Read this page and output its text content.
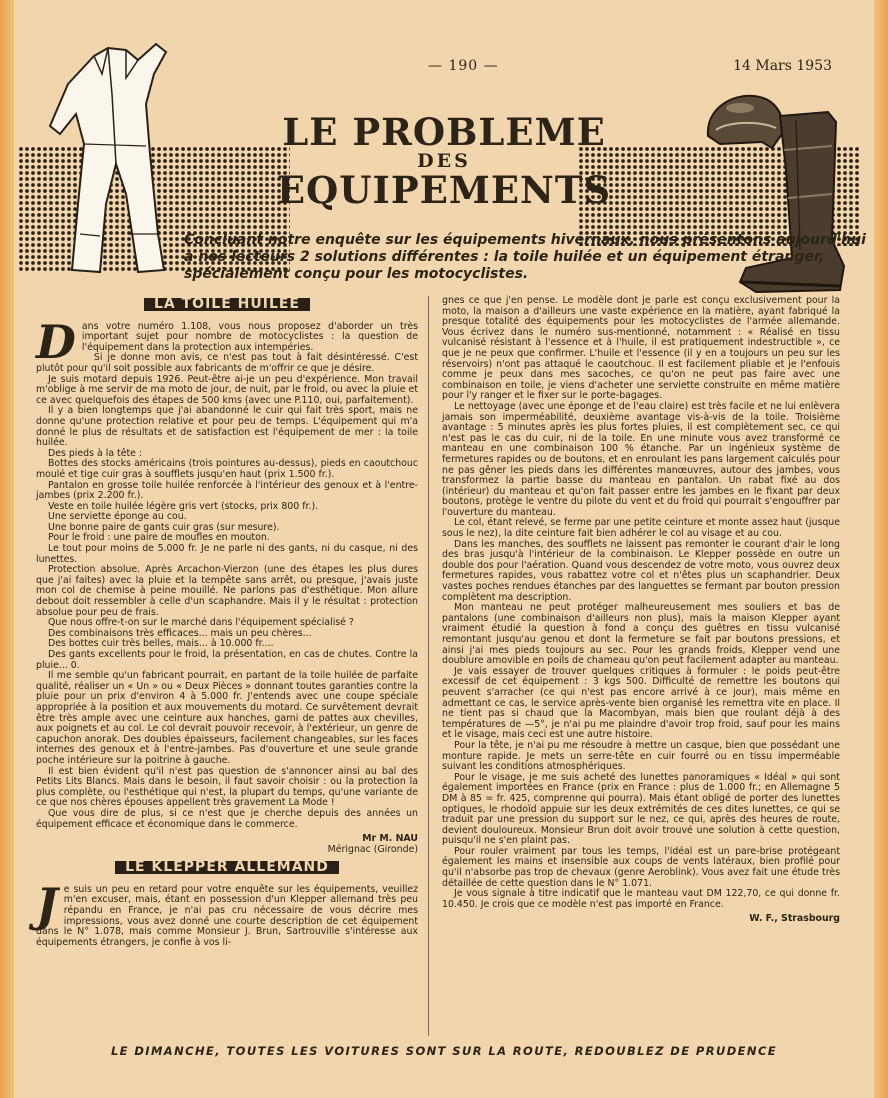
— 190 —	14 Mars 1953
LE PROBLEME
DES
EQUIPEMENTS
Concluant notre enquête sur les équipements hivernaux, nous présentons aujourd'hui à nos lecteurs 2 solutions différentes : la toile huilée et un équipement étranger, spécialement conçu pour les motocyclistes.
LA TOILE HUILEE

Dans votre numéro 1.108, vous nous proposez d'aborder un très important sujet pour nombre de motocyclistes : la question de l'équipement dans la protection aux intempéries.

Si je donne mon avis, ce n'est pas tout à fait désintéressé. C'est plutôt pour qu'il soit possible aux fabricants de m'offrir ce que je désire.

Je suis motard depuis 1926. Peut-être ai-je un peu d'expérience. Mon travail m'oblige à me servir de ma moto de jour, de nuit, par le froid, ou avec la pluie et ce avec quelquefois des étapes de 500 kms (avec une P.110, oui, parfaitement).

Il y a bien longtemps que j'ai abandonné le cuir qui fait très sport, mais ne donne qu'une protection relative et pour peu de temps. L'équipement qui m'a donné le plus de résultats et de satisfaction est l'équipement de mer : la toile huilée.

Des pieds à la tête :

Bottes des stocks américains (trois pointures au-dessus), pieds en caoutchouc moulé et tige cuir gras à soufflets jusqu'en haut (prix 1.500 fr.).

Pantalon en grosse toile huilée renforcée à l'intérieur des genoux et à l'entre-jambes (prix 2.200 fr.).

Veste en toile huilée légère gris vert (stocks, prix 800 fr.).

Une serviette éponge au cou.

Une bonne paire de gants cuir gras (sur mesure).

Pour le froid : une paire de moufles en mouton.

Le tout pour moins de 5.000 fr. Je ne parle ni des gants, ni du casque, ni des lunettes.

Protection absolue. Après Arcachon-Vierzon (une des étapes les plus dures que j'ai faites) avec la pluie et la tempête sans arrêt, ou presque, j'avais juste mon col de chemise à peine mouillé. Ne parlons pas d'esthétique. Mon allure debout doit ressembler à celle d'un scaphandre. Mais il y le résultat : protection absolue pour peu de frais.

Que nous offre-t-on sur le marché dans l'équipement spécialisé ?

Des combinaisons très efficaces... mais un peu chères...

Des bottes cuir très belles, mais... à 10.000 fr....

Des gants excellents pour le froid, la présentation, en cas de chutes. Contre la pluie... 0.

Il me semble qu'un fabricant pourrait, en partant de la toile huilée de parfaite qualité, réaliser un « Un » ou « Deux Pièces » donnant toutes garanties contre la pluie pour un prix d'environ 4 à 5.000 fr. J'entends avec une coupe spéciale appropriée à la position et aux mouvements du motard. Ce survêtement devrait être très ample avec une ceinture aux hanches, garni de pattes aux chevilles, aux poignets et au col. Le col devrait pouvoir recevoir, à l'extérieur, un genre de capuchon anorak. Des doubles épaisseurs, facilement changeables, sur les faces internes des genoux et à l'entre-jambes. Pas d'ouverture et une seule grande poche intérieure sur la poitrine à gauche.

Il est bien évident qu'il n'est pas question de s'annoncer ainsi au bal des Petits Lits Blancs. Mais dans le besoin, il faut savoir choisir : ou la protection la plus complète, ou l'esthétique qui n'est, la plupart du temps, qu'une variante de ce que nos chères épouses appellent très gravement La Mode !

Que vous dire de plus, si ce n'est que je cherche depuis des années un équipement efficace et économique dans le commerce.

Mr M. NAU
Mérignac (Gironde)
LE KLEPPER ALLEMAND

Je suis un peu en retard pour votre enquête sur les équipements, veuillez m'en excuser, mais, étant en possession d'un Klepper allemand très peu répandu en France, je n'ai pas cru nécessaire de vous décrire mes impressions, vous avez donné une courte description de cet équipement dans le N° 1.078, mais comme Monsieur J. Brun, Sartrouville s'intéresse aux équipements étrangers, je confie à vos li-

gnes ce que j'en pense. Le modèle dont je parle est conçu exclusivement pour la moto, la maison a d'ailleurs une vaste expérience en la matière, ayant fabriqué la presque totalité des équipements pour les motocyclistes de l'armée allemande. Vous écrivez dans le numéro sus-mentionné, notamment : « Réalisé en tissu vulcanisé résistant à l'essence et à l'huile, il est pratiquement indestructible », ce que je ne peux que confirmer. L'huile et l'essence (il y en a toujours un peu sur les réservoirs) n'ont pas attaqué le caoutchouc. Il est facilement pliable et je l'enfouis comme je peux dans mes sacoches, ce qu'on ne peut pas faire avec une combinaison en toile, je viens d'acheter une serviette construite en même matière pour l'y ranger et le fixer sur le porte-bagages.

Le nettoyage (avec une éponge et de l'eau claire) est très facile et ne lui enlèvera jamais son imperméabilité, deuxième avantage vis-à-vis de la toile. Troisième avantage : 5 minutes après les plus fortes pluies, il est complètement sec, ce qui n'est pas le cas du cuir, ni de la toile. En une minute vous avez transformé ce manteau en une combinaison 100 % étanche. Par un ingénieux système de fermetures rapides ou de boutons, et en enroulant les pans largement calculés pour ne pas gêner les pieds dans les différentes manœuvres, autour des jambes, vous transformez la partie basse du manteau en pantalon. Un rabat fixé au dos (intérieur) du manteau et qu'on fait passer entre les jambes en le fixant par deux boutons, protège le ventre du pilote du vent et du froid qui pourrait s'engouffrer par l'ouverture du manteau.

Le col, étant relevé, se ferme par une petite ceinture et monte assez haut (jusque sous le nez), la dite ceinture fait bien adhérer le col au visage et au cou.

Dans les manches, des soufflets ne laissent pas remonter le courant d'air le long des bras jusqu'à l'intérieur de la combinaison. Le Klepper possède en outre un double dos pour l'aération. Quand vous descendez de votre moto, vous ouvrez deux fermetures rapides, vous rabattez votre col et n'êtes plus un scaphandrier. Deux vastes poches rendues étanches par des languettes se fermant par bouton pression complètent ma description.

Mon manteau ne peut protéger malheureusement mes souliers et bas de pantalons (une combinaison d'ailleurs non plus), mais la maison Klepper ayant vraiment étudié la question à fond a conçu des guêtres en tissu vulcanisé remontant jusqu'au genou et dont la fermeture se fait par boutons pressions, et ainsi j'ai mes pieds toujours au sec. Pour les grands froids, Klepper vend une doublure amovible en poils de chameau qu'on peut facilement adapter au manteau.

Je vais essayer de trouver quelques critiques à formuler : le poids peut-être excessif de cet équipement : 3 kgs 500. Difficulté de remettre les boutons qui peuvent s'arracher (ce qui n'est pas encore arrivé à ce jour), mais même en admettant ce cas, le service après-vente bien organisé les remettra vite en place. Il ne tient pas si chaud que la Macombyan, mais bien que roulant déjà à des températures de —5°, je n'ai pu me plaindre d'avoir trop froid, sauf pour les mains et le visage, mais ceci est une autre histoire.

Pour la tête, je n'ai pu me résoudre à mettre un casque, bien que possédant une monture rapide. Je mets un serre-tête en cuir fourré ou en tissu imperméable suivant les conditions atmosphériques.

Pour le visage, je me suis acheté des lunettes panoramiques « Idéal » qui sont également importées en France (prix en France : plus de 1.000 fr.; en Allemagne 5 DM à 85 = fr. 425, comprenne qui pourra). Mais étant obligé de porter des lunettes optiques, le rhodoïd appuie sur les deux extrémités de ces dites lunettes, ce qui se traduit par une pression du support sur le nez, ce qui, après des heures de route, devient douloureux. Monsieur Brun doit avoir trouvé une solution à cette question, puisqu'il ne s'en plaint pas.

Pour rouler vraiment par tous les temps, l'idéal est un pare-brise protégeant également les mains et insensible aux coups de vents latéraux, bien profilé pour qu'il n'absorbe pas trop de chevaux (genre Aeroblink). Vous avez fait une étude très détaillée de cette question dans le N° 1.071.

Je vous signale à titre indicatif que le manteau vaut DM 122,70, ce qui donne fr. 10.450. Je crois que ce modèle n'est pas importé en France.

W. F., Strasbourg
LE DIMANCHE, TOUTES LES VOITURES SONT SUR LA ROUTE, REDOUBLEZ DE PRUDENCE
